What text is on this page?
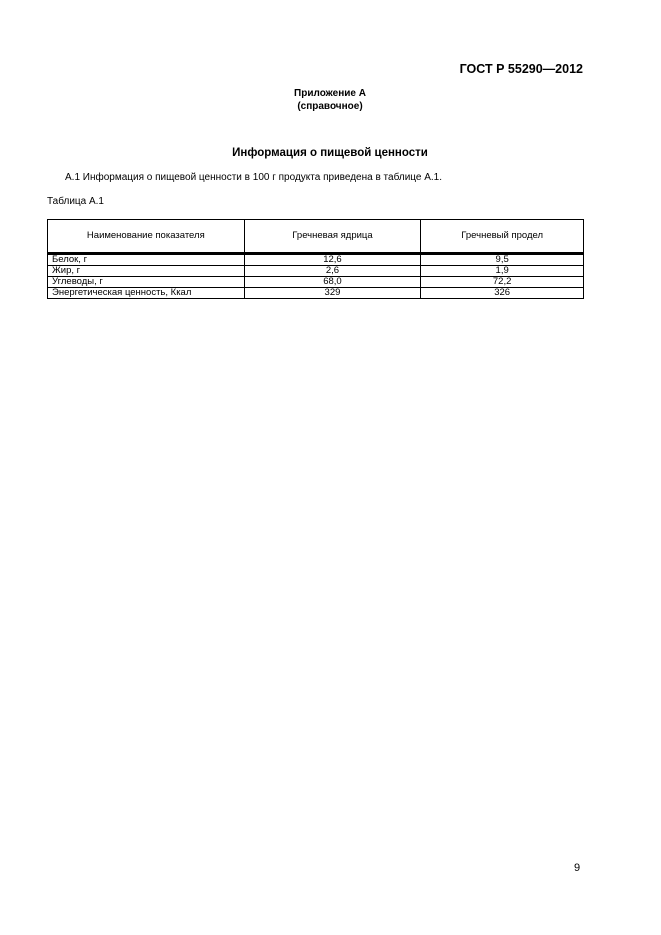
ГОСТ Р 55290—2012
Приложение А
(справочное)
Информация о пищевой ценности
А.1 Информация о пищевой ценности в 100 г продукта приведена в таблице А.1.
Таблица А.1
Наименование показателя	Гречневая ядрица	Гречневый продел
Белок, г	12,6	9,5
Жир, г	2,6	1,9
Углеводы, г	68,0	72,2
Энергетическая ценность, Ккал	329	326
9
